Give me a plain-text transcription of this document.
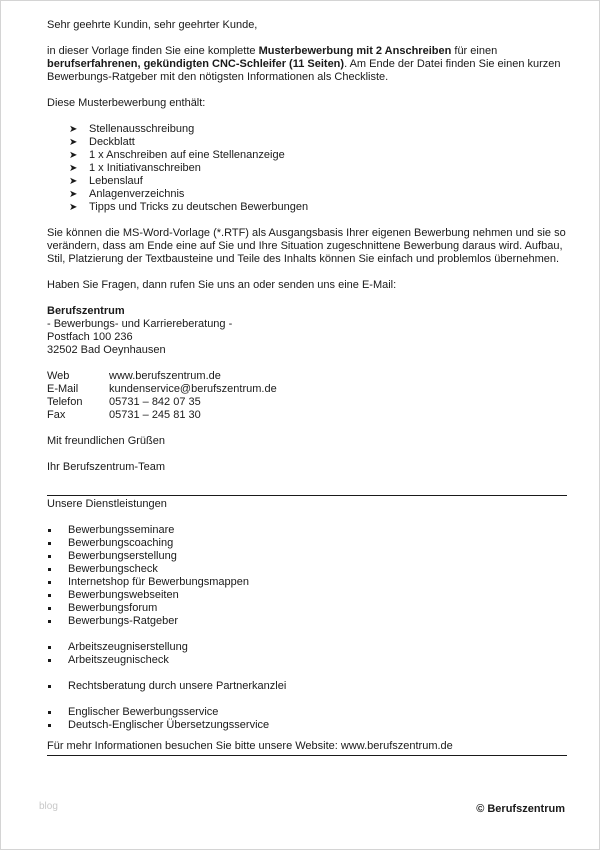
Sehr geehrte Kundin, sehr geehrter Kunde,

in dieser Vorlage finden Sie eine komplette Musterbewerbung mit 2 Anschreiben für einen berufserfahrenen, gekündigten CNC-Schleifer (11 Seiten). Am Ende der Datei finden Sie einen kurzen Bewerbungs-Ratgeber mit den nötigsten Informationen als Checkliste.

Diese Musterbewerbung enthält:

➤ Stellenausschreibung
➤ Deckblatt
➤ 1 x Anschreiben auf eine Stellenanzeige
➤ 1 x Initiativanschreiben
➤ Lebenslauf
➤ Anlagenverzeichnis
➤ Tipps und Tricks zu deutschen Bewerbungen

Sie können die MS-Word-Vorlage (*.RTF) als Ausgangsbasis Ihrer eigenen Bewerbung nehmen und sie so verändern, dass am Ende eine auf Sie und Ihre Situation zugeschnittene Bewerbung daraus wird. Aufbau, Stil, Platzierung der Textbausteine und Teile des Inhalts können Sie einfach und problemlos übernehmen.

Haben Sie Fragen, dann rufen Sie uns an oder senden uns eine E-Mail:

Berufszentrum

- Bewerbungs- und Karriereberatung -

Postfach 100 236

32502 Bad Oeynhausen

Web	www.berufszentrum.de
E-Mail	kundenservice@berufszentrum.de
Telefon	05731 – 842 07 35
Fax	05731 – 245 81 30

Mit freundlichen Grüßen

Ihr Berufszentrum-Team

Unsere Dienstleistungen

Bewerbungsseminare
Bewerbungscoaching
Bewerbungserstellung
Bewerbungscheck
Internetshop für Bewerbungsmappen
Bewerbungswebseiten
Bewerbungsforum
Bewerbungs-Ratgeber
Arbeitszeugniserstellung
Arbeitszeugnischeck
Rechtsberatung durch unsere Partnerkanzlei
Englischer Bewerbungsservice
Deutsch-Englischer Übersetzungsservice

Für mehr Informationen besuchen Sie bitte unsere Website: www.berufszentrum.de

blog	© Berufszentrum
